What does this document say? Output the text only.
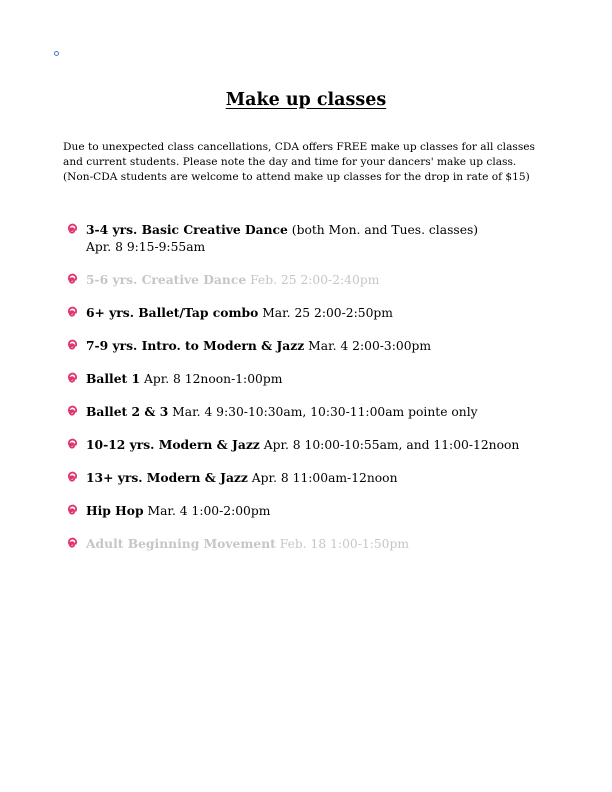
Make up classes

Due to unexpected class cancellations, CDA offers FREE make up classes for all classes and current students. Please note the day and time for your dancers' make up class. (Non-CDA students are welcome to attend make up classes for the drop in rate of $15)

3-4 yrs. Basic Creative Dance (both Mon. and Tues. classes)
Apr. 8 9:15-9:55am
5-6 yrs. Creative Dance Feb. 25 2:00-2:40pm
6+ yrs. Ballet/Tap combo Mar. 25 2:00-2:50pm
7-9 yrs. Intro. to Modern & Jazz Mar. 4 2:00-3:00pm
Ballet 1 Apr. 8 12noon-1:00pm
Ballet 2 & 3 Mar. 4 9:30-10:30am, 10:30-11:00am pointe only
10-12 yrs. Modern & Jazz Apr. 8 10:00-10:55am, and 11:00-12noon
13+ yrs. Modern & Jazz Apr. 8 11:00am-12noon
Hip Hop Mar. 4 1:00-2:00pm
Adult Beginning Movement Feb. 18 1:00-1:50pm
